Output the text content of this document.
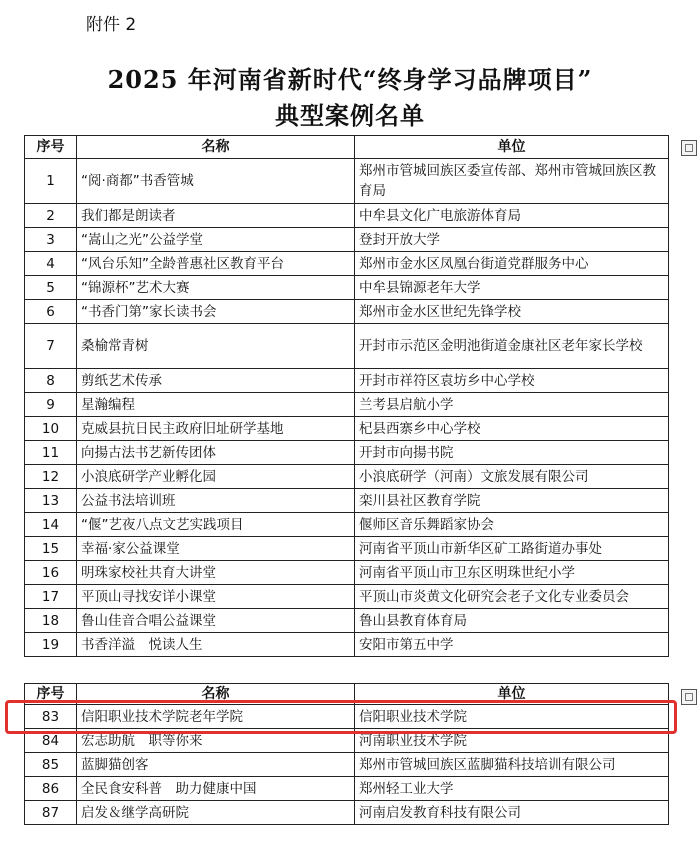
附件 2
2025 年河南省新时代“终身学习品牌项目”
典型案例名单
序号	名称	单位
1	“阅·商都”书香管城	郑州市管城回族区委宣传部、郑州市管城回族区教育局
2	我们都是朗读者	中牟县文化广电旅游体育局
3	“嵩山之光”公益学堂	登封开放大学
4	“风台乐知”全龄普惠社区教育平台	郑州市金水区凤凰台街道党群服务中心
5	“锦源杯”艺术大赛	中牟县锦源老年大学
6	“书香门第”家长读书会	郑州市金水区世纪先锋学校
7	桑榆常青树	开封市示范区金明池街道金康社区老年家长学校
8	剪纸艺术传承	开封市祥符区袁坊乡中心学校
9	星瀚编程	兰考县启航小学
10	克威县抗日民主政府旧址研学基地	杞县西寨乡中心学校
11	向揚古法书艺新传团体	开封市向揚书院
12	小浪底研学产业孵化园	小浪底研学（河南）文旅发展有限公司
13	公益书法培训班	栾川县社区教育学院
14	“偃”艺夜八点文艺实践项目	偃师区音乐舞蹈家协会
15	幸福·家公益课堂	河南省平顶山市新华区矿工路街道办事处
16	明珠家校社共育大讲堂	河南省平顶山市卫东区明珠世纪小学
17	平顶山寻找安详小课堂	平顶山市炎黄文化研究会老子文化专业委员会
18	鲁山佳音合唱公益课堂	鲁山县教育体育局
19	书香洋溢　悦读人生	安阳市第五中学
序号	名称	单位
83	信阳职业技术学院老年学院	信阳职业技术学院
84	宏志助航　职等你来	河南职业技术学院
85	蓝脚猫创客	郑州市管城回族区蓝脚猫科技培训有限公司
86	全民食安科普　助力健康中国	郑州轻工业大学
87	启发＆继学高研院	河南启发教育科技有限公司
